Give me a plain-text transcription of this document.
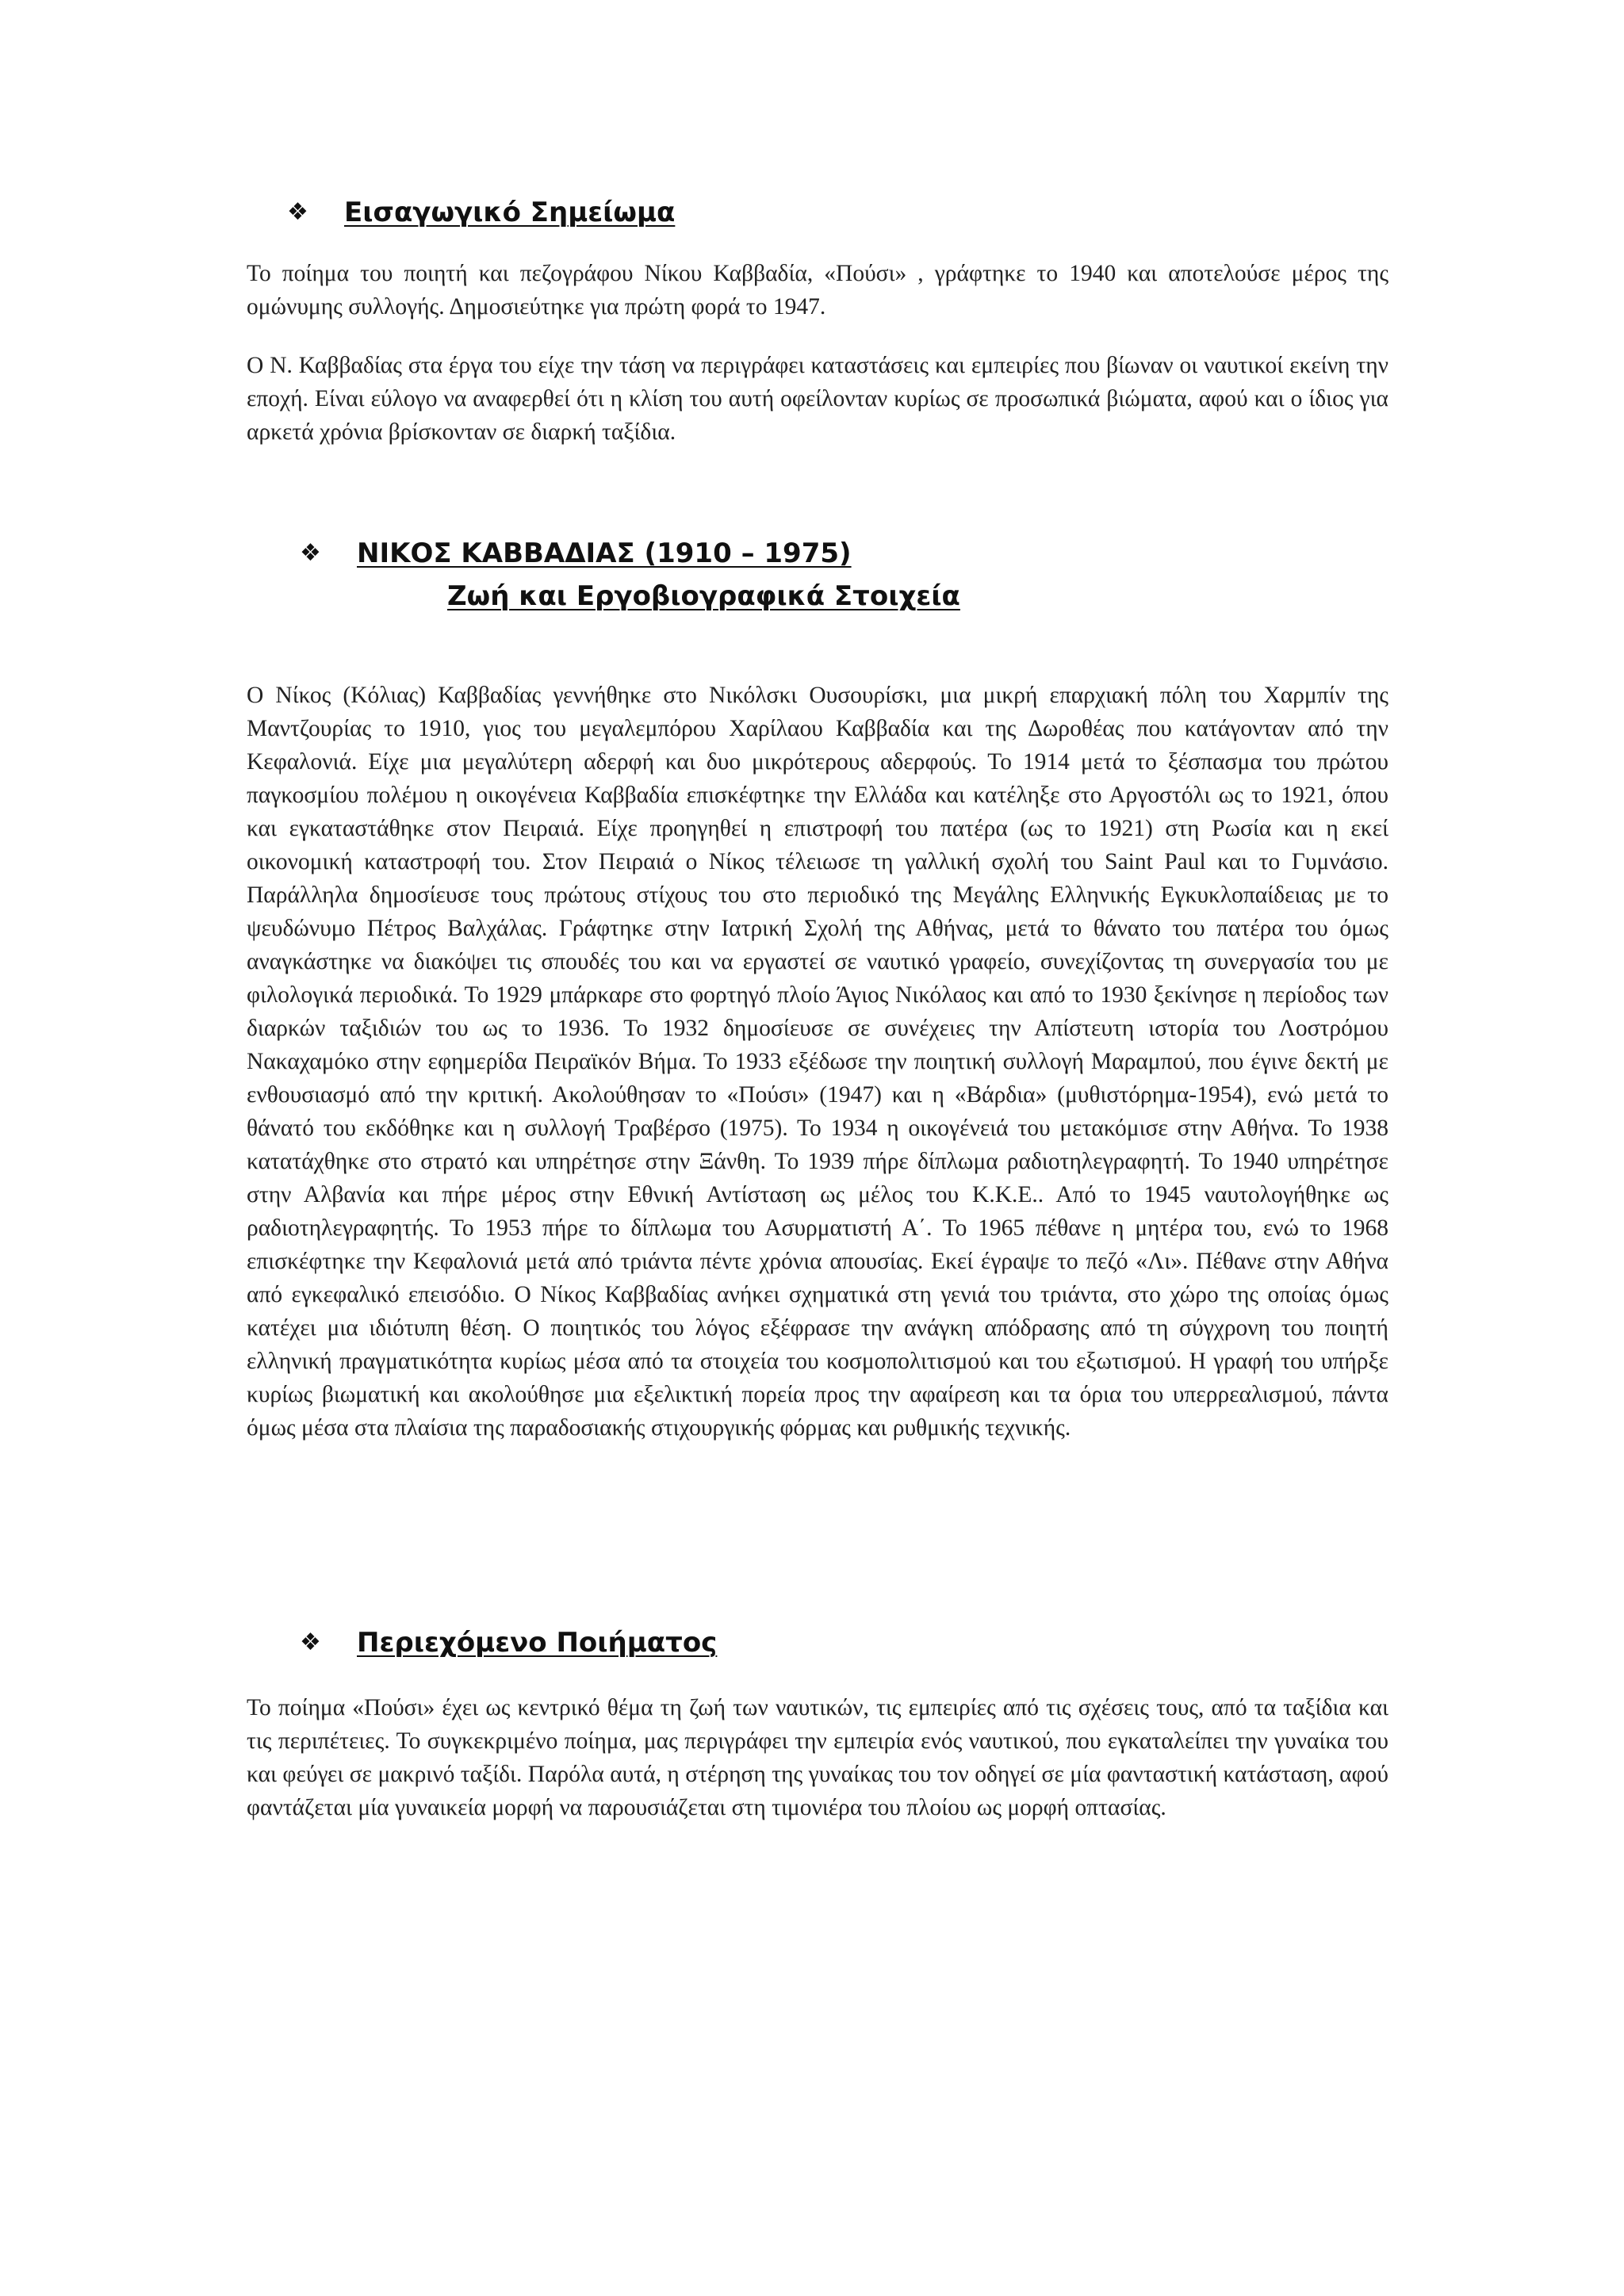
❖ Εισαγωγικό Σημείωμα

Το ποίημα του ποιητή και πεζογράφου Νίκου Καββαδία, «Πούσι» , γράφτηκε το 1940 και αποτελούσε μέρος της ομώνυμης συλλογής. Δημοσιεύτηκε για πρώτη φορά το 1947.

Ο Ν. Καββαδίας στα έργα του είχε την τάση να περιγράφει καταστάσεις και εμπειρίες που βίωναν οι ναυτικοί εκείνη την εποχή. Είναι εύλογο να αναφερθεί ότι η κλίση του αυτή οφείλονταν κυρίως σε προσωπικά βιώματα, αφού και ο ίδιος για αρκετά χρόνια βρίσκονταν σε διαρκή ταξίδια.

❖ ΝΙΚΟΣ ΚΑΒΒΑΔΙΑΣ (1910 – 1975)
Ζωή και Εργοβιογραφικά Στοιχεία

Ο Νίκος (Κόλιας) Καββαδίας γεννήθηκε στο Νικόλσκι Ουσουρίσκι, μια μικρή επαρχιακή πόλη του Χαρμπίν της Μαντζουρίας το 1910, γιος του μεγαλεμπόρου Χαρίλαου Καββαδία και της Δωροθέας που κατάγονταν από την Κεφαλονιά. Είχε μια μεγαλύτερη αδερφή και δυο μικρότερους αδερφούς. Το 1914 μετά το ξέσπασμα του πρώτου παγκοσμίου πολέμου η οικογένεια Καββαδία επισκέφτηκε την Ελλάδα και κατέληξε στο Αργοστόλι ως το 1921, όπου και εγκαταστάθηκε στον Πειραιά. Είχε προηγηθεί η επιστροφή του πατέρα (ως το 1921) στη Ρωσία και η εκεί οικονομική καταστροφή του. Στον Πειραιά ο Νίκος τέλειωσε τη γαλλική σχολή του Saint Paul και το Γυμνάσιο. Παράλληλα δημοσίευσε τους πρώτους στίχους του στο περιοδικό της Μεγάλης Ελληνικής Εγκυκλοπαίδειας με το ψευδώνυμο Πέτρος Βαλχάλας. Γράφτηκε στην Ιατρική Σχολή της Αθήνας, μετά το θάνατο του πατέρα του όμως αναγκάστηκε να διακόψει τις σπουδές του και να εργαστεί σε ναυτικό γραφείο, συνεχίζοντας τη συνεργασία του με φιλολογικά περιοδικά. Το 1929 μπάρκαρε στο φορτηγό πλοίο Άγιος Νικόλαος και από το 1930 ξεκίνησε η περίοδος των διαρκών ταξιδιών του ως το 1936. Το 1932 δημοσίευσε σε συνέχειες την Απίστευτη ιστορία του Λοστρόμου Νακαχαμόκο στην εφημερίδα Πειραϊκόν Βήμα. Το 1933 εξέδωσε την ποιητική συλλογή Μαραμπού, που έγινε δεκτή με ενθουσιασμό από την κριτική. Ακολούθησαν το «Πούσι» (1947) και η «Βάρδια» (μυθιστόρημα-1954), ενώ μετά το θάνατό του εκδόθηκε και η συλλογή Τραβέρσο (1975). Το 1934 η οικογένειά του μετακόμισε στην Αθήνα. Το 1938 κατατάχθηκε στο στρατό και υπηρέτησε στην Ξάνθη. Το 1939 πήρε δίπλωμα ραδιοτηλεγραφητή. Το 1940 υπηρέτησε στην Αλβανία και πήρε μέρος στην Εθνική Αντίσταση ως μέλος του Κ.Κ.Ε.. Από το 1945 ναυτολογήθηκε ως ραδιοτηλεγραφητής. Το 1953 πήρε το δίπλωμα του Ασυρματιστή Α΄. Το 1965 πέθανε η μητέρα του, ενώ το 1968 επισκέφτηκε την Κεφαλονιά μετά από τριάντα πέντε χρόνια απουσίας. Εκεί έγραψε το πεζό «Λι». Πέθανε στην Αθήνα από εγκεφαλικό επεισόδιο. Ο Νίκος Καββαδίας ανήκει σχηματικά στη γενιά του τριάντα, στο χώρο της οποίας όμως κατέχει μια ιδιότυπη θέση. Ο ποιητικός του λόγος εξέφρασε την ανάγκη απόδρασης από τη σύγχρονη του ποιητή ελληνική πραγματικότητα κυρίως μέσα από τα στοιχεία του κοσμοπολιτισμού και του εξωτισμού. Η γραφή του υπήρξε κυρίως βιωματική και ακολούθησε μια εξελικτική πορεία προς την αφαίρεση και τα όρια του υπερρεαλισμού, πάντα όμως μέσα στα πλαίσια της παραδοσιακής στιχουργικής φόρμας και ρυθμικής τεχνικής.

❖ Περιεχόμενο Ποιήματος

Το ποίημα «Πούσι» έχει ως κεντρικό θέμα τη ζωή των ναυτικών, τις εμπειρίες από τις σχέσεις τους, από τα ταξίδια και τις περιπέτειες. Το συγκεκριμένο ποίημα, μας περιγράφει την εμπειρία ενός ναυτικού, που εγκαταλείπει την γυναίκα του και φεύγει σε μακρινό ταξίδι. Παρόλα αυτά, η στέρηση της γυναίκας του τον οδηγεί σε μία φανταστική κατάσταση, αφού φαντάζεται μία γυναικεία μορφή να παρουσιάζεται στη τιμονιέρα του πλοίου ως μορφή οπτασίας.
